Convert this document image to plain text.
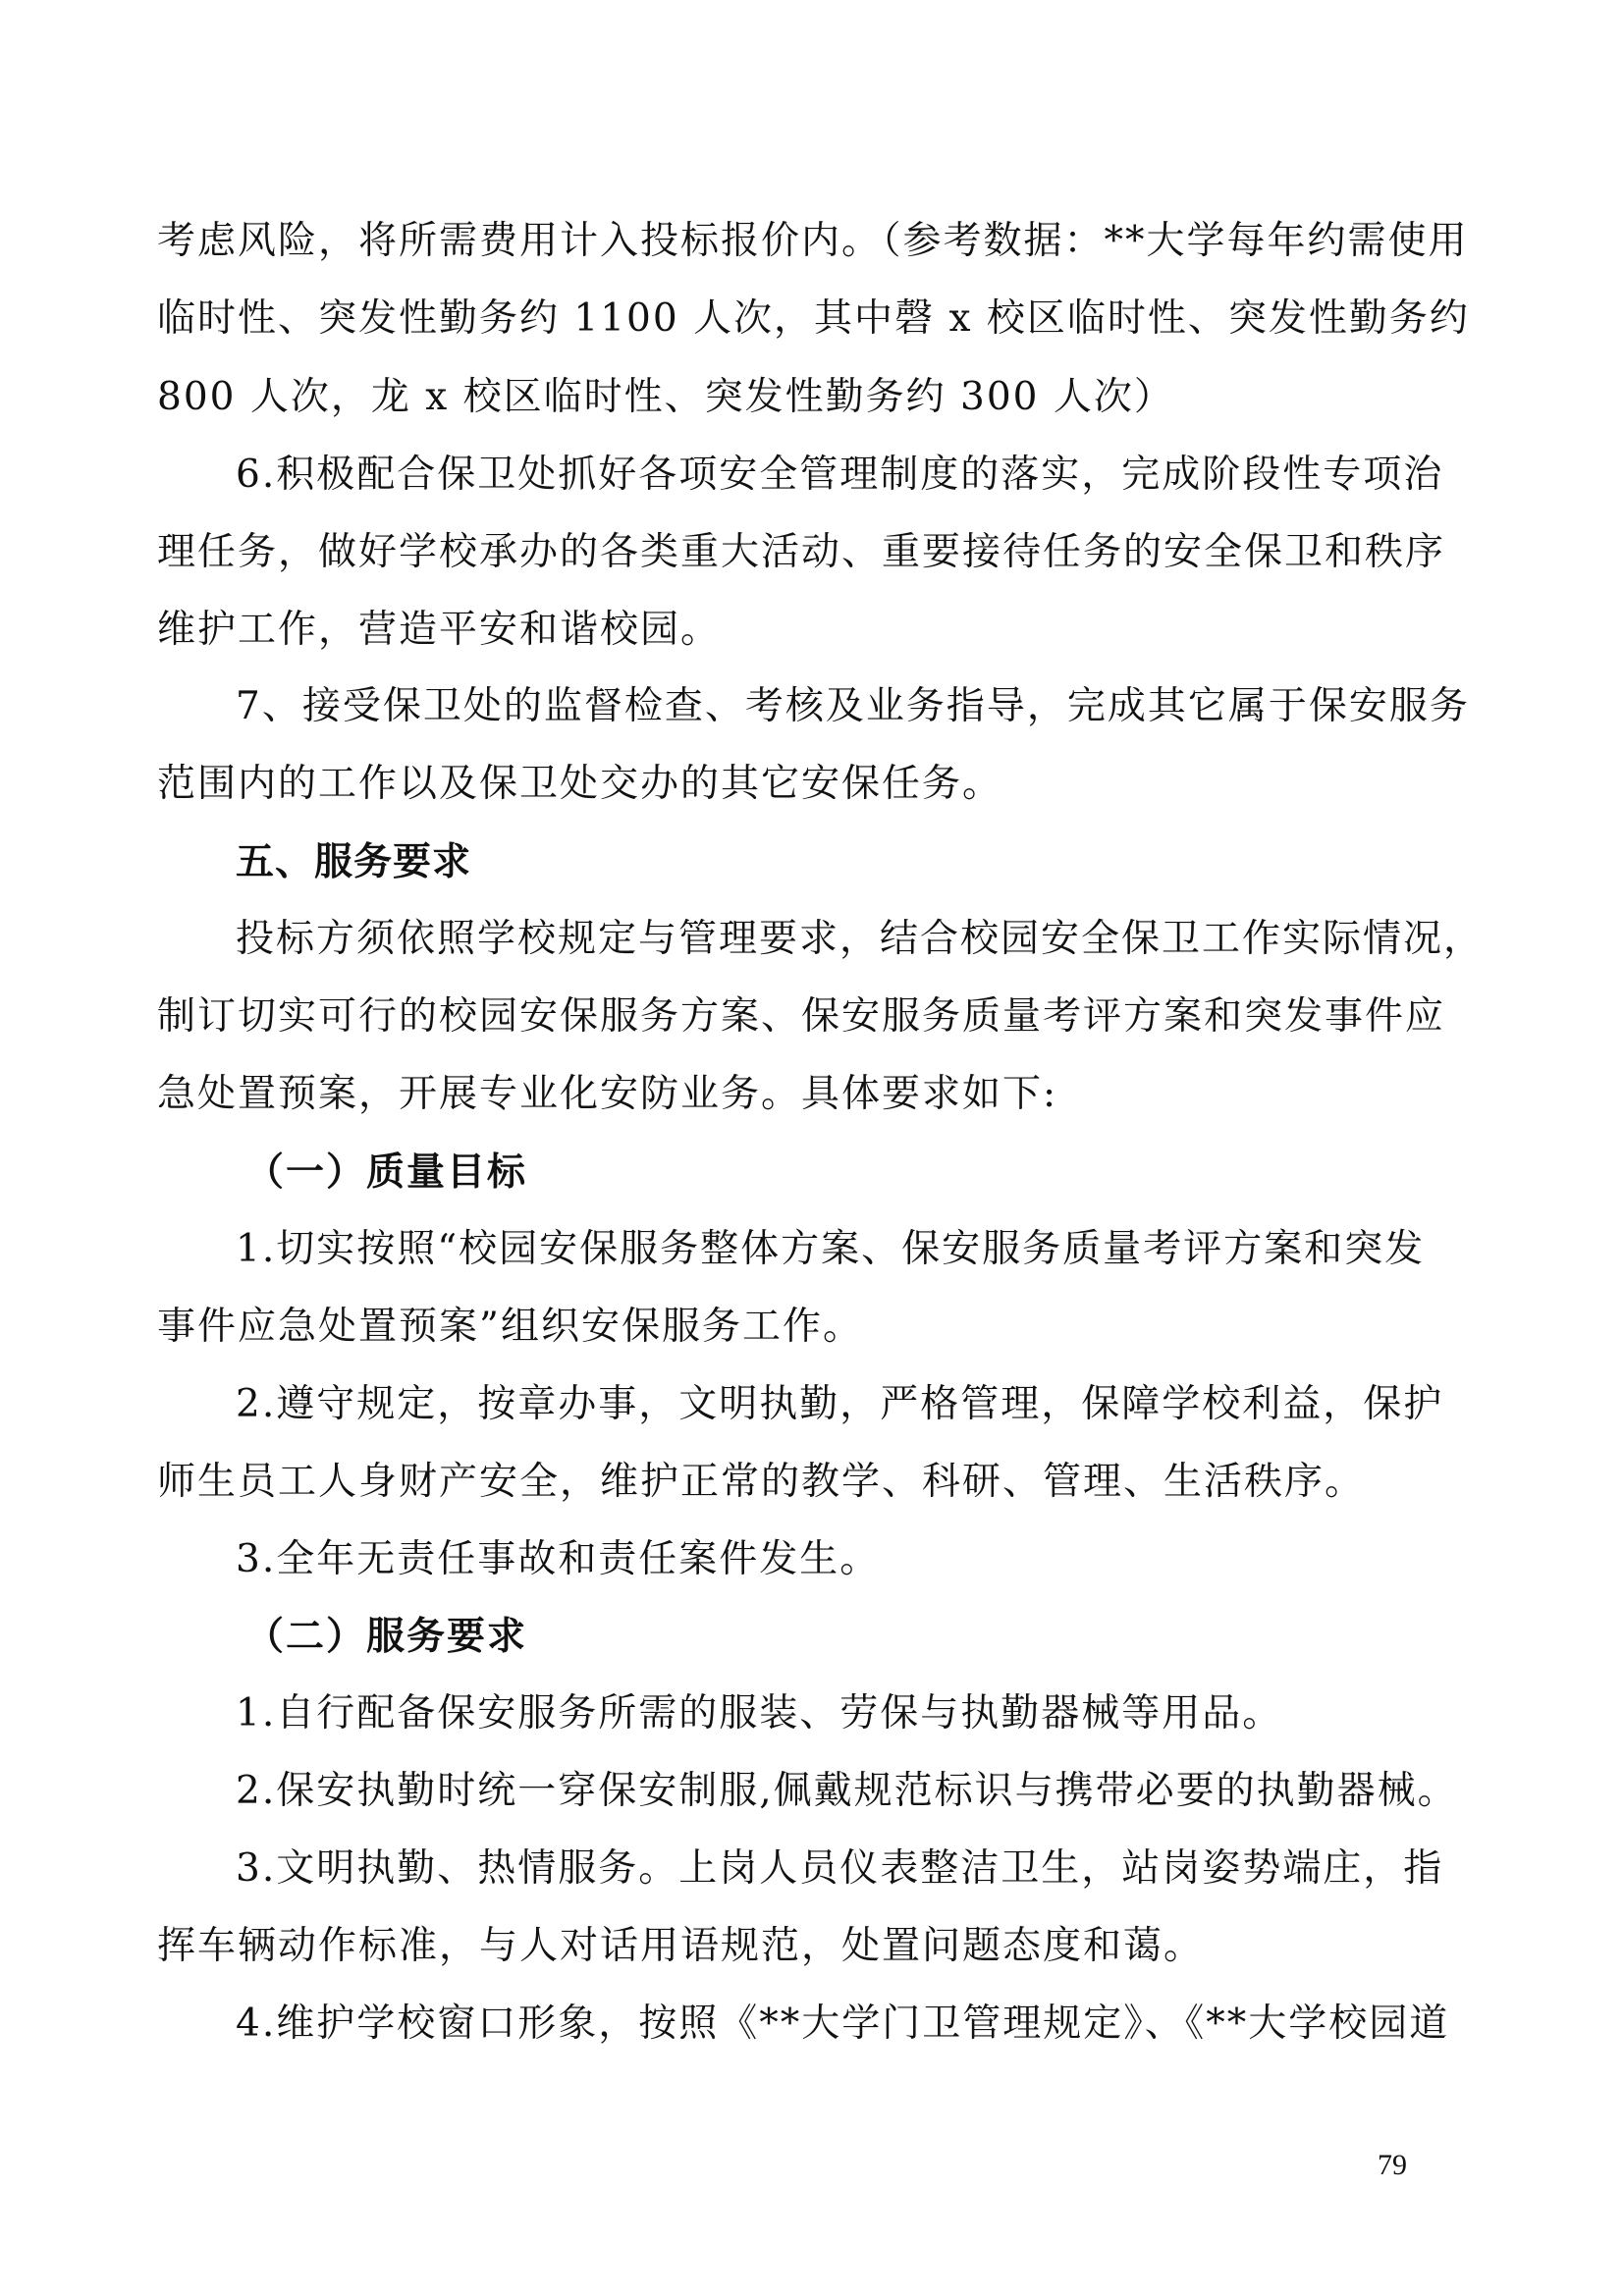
考虑风险，将所需费用计入投标报价内。（参考数据：**大学每年约需使用
临时性、突发性勤务约 1100 人次，其中磬 x 校区临时性、突发性勤务约
800 人次，龙 x 校区临时性、突发性勤务约 300 人次）
6.积极配合保卫处抓好各项安全管理制度的落实，完成阶段性专项治
理任务，做好学校承办的各类重大活动、重要接待任务的安全保卫和秩序
维护工作，营造平安和谐校园。
7、接受保卫处的监督检查、考核及业务指导，完成其它属于保安服务
范围内的工作以及保卫处交办的其它安保任务。
五、服务要求
投标方须依照学校规定与管理要求，结合校园安全保卫工作实际情况，
制订切实可行的校园安保服务方案、保安服务质量考评方案和突发事件应
急处置预案，开展专业化安防业务。具体要求如下:
（一）质量目标
1.切实按照“校园安保服务整体方案、保安服务质量考评方案和突发
事件应急处置预案”组织安保服务工作。
2.遵守规定，按章办事，文明执勤，严格管理，保障学校利益，保护
师生员工人身财产安全，维护正常的教学、科研、管理、生活秩序。
3.全年无责任事故和责任案件发生。
（二）服务要求
1.自行配备保安服务所需的服装、劳保与执勤器械等用品。
2.保安执勤时统一穿保安制服,佩戴规范标识与携带必要的执勤器械。
3.文明执勤、热情服务。上岗人员仪表整洁卫生，站岗姿势端庄，指
挥车辆动作标准，与人对话用语规范，处置问题态度和蔼。
4.维护学校窗口形象，按照《**大学门卫管理规定》、《**大学校园道
79
